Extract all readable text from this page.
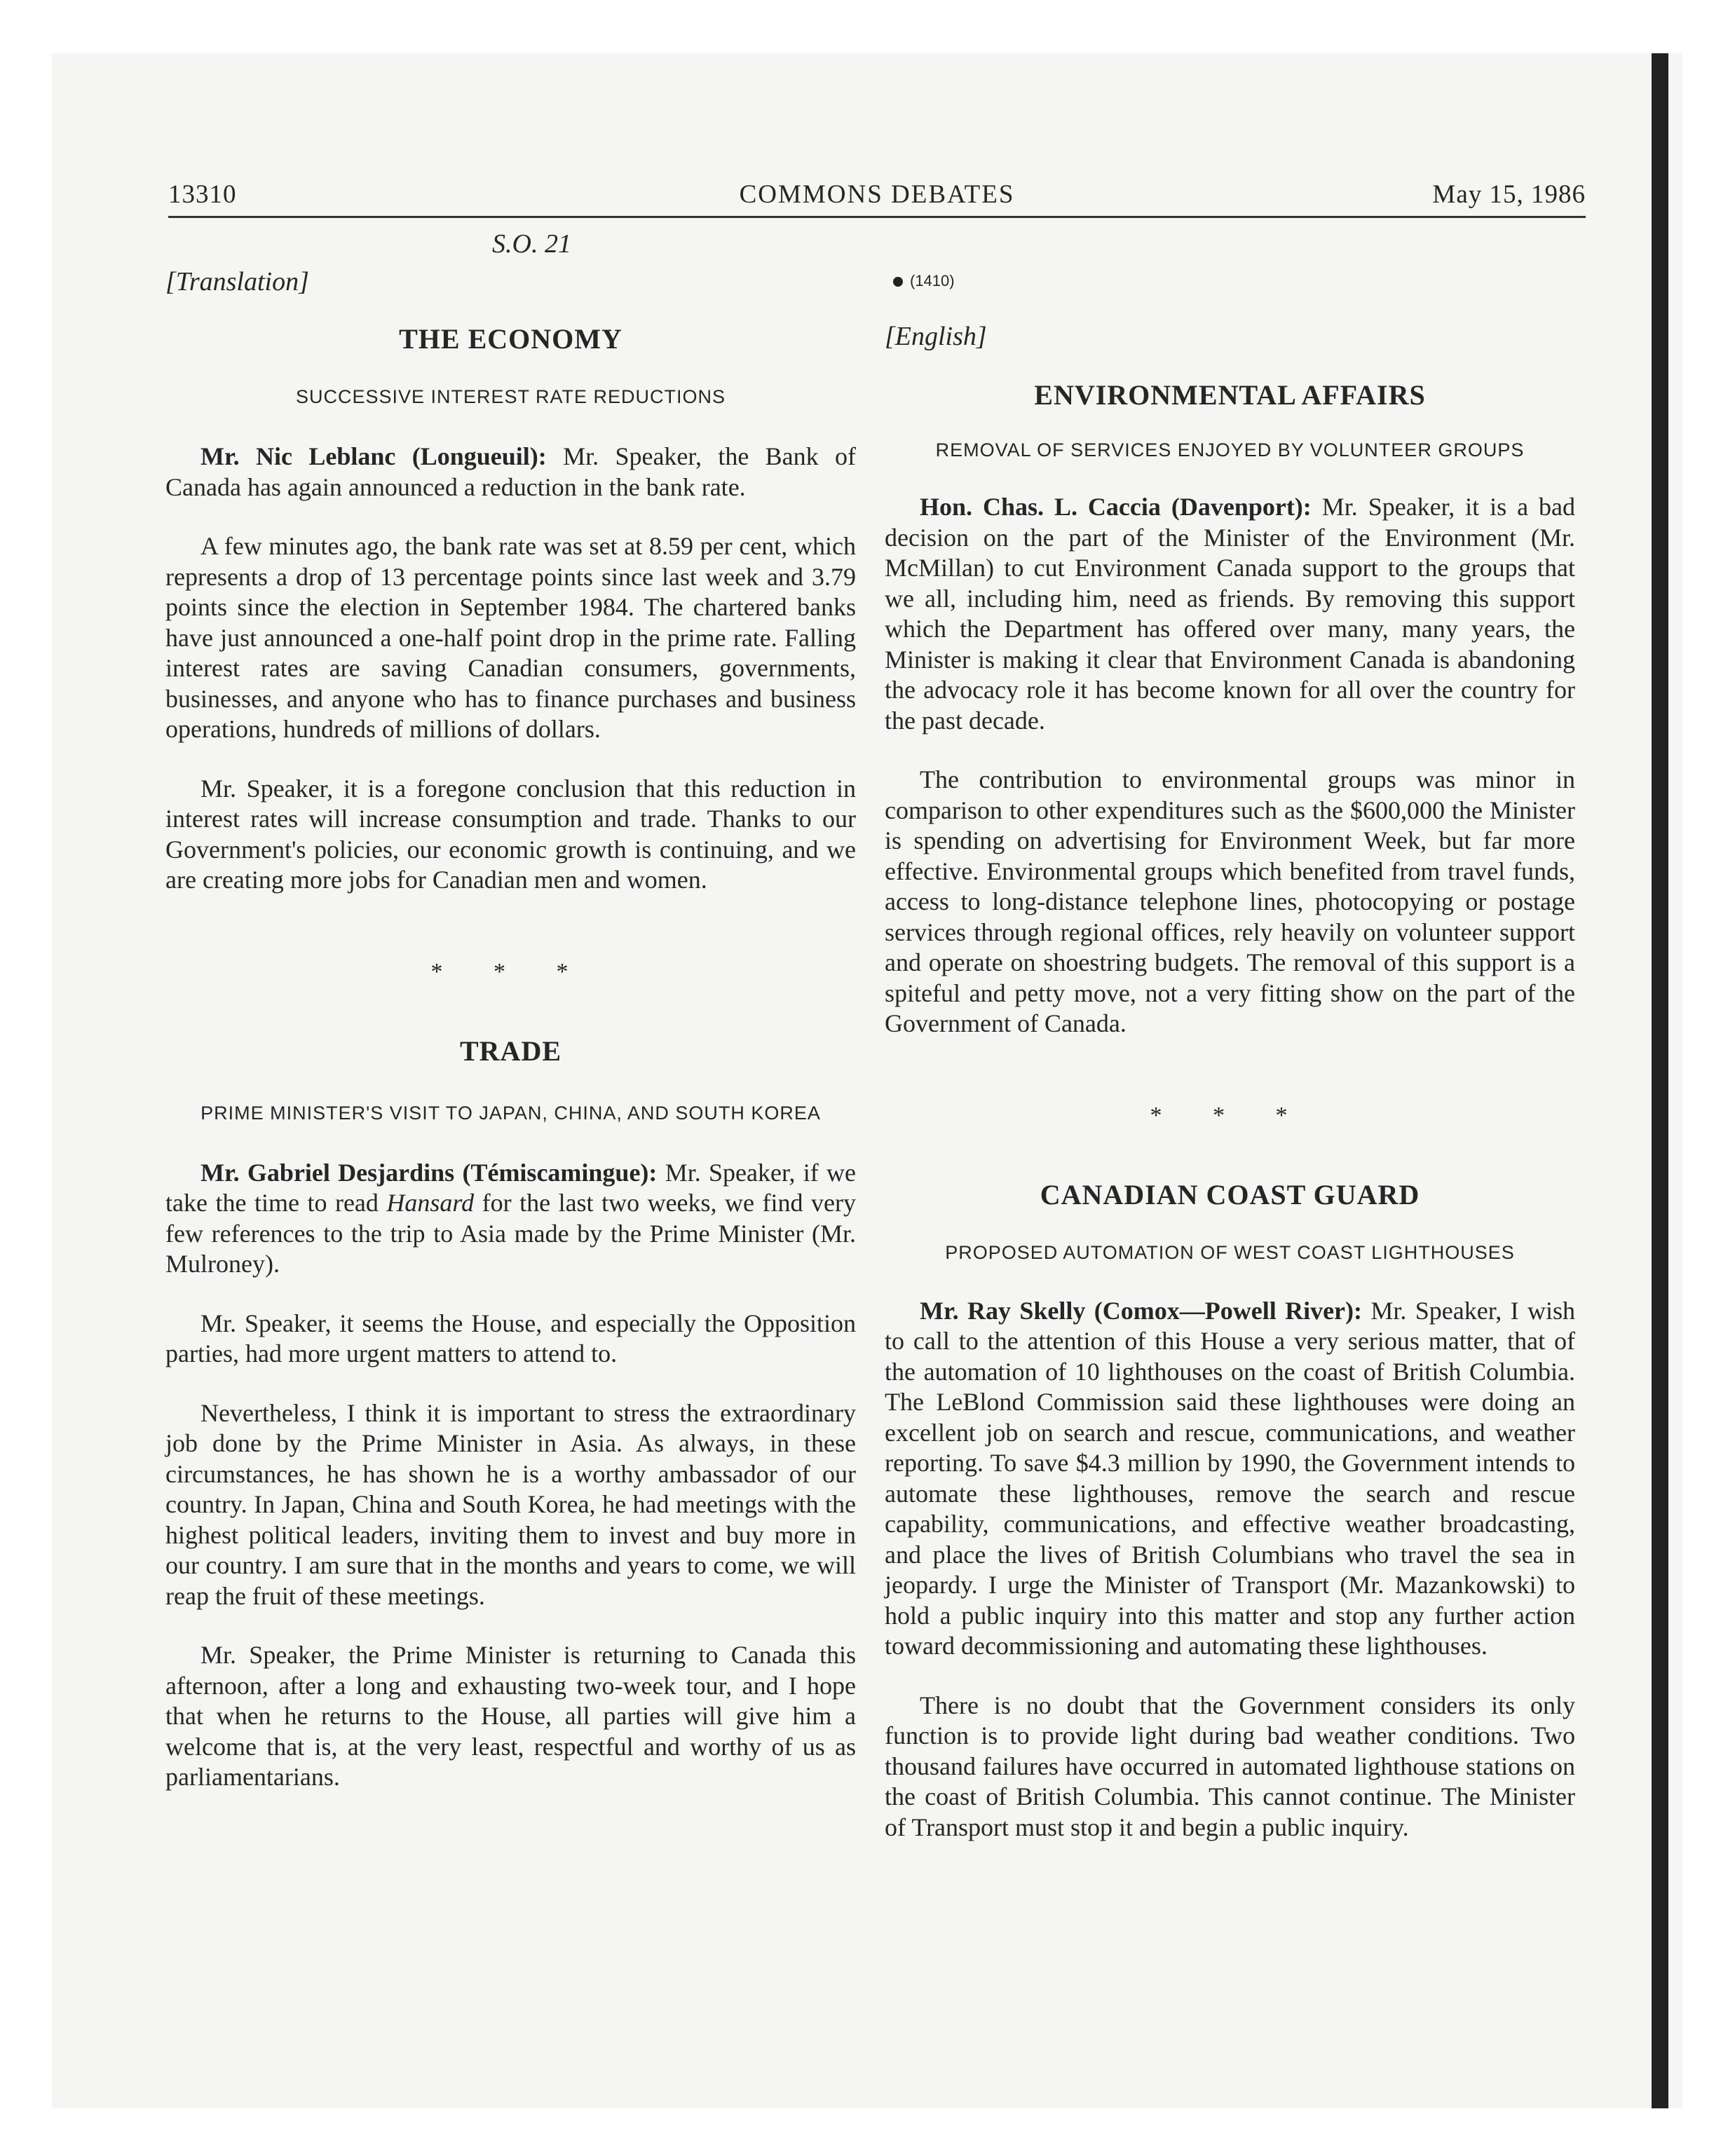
13310	COMMONS DEBATES	May 15, 1986

S.O. 21

[Translation]

THE ECONOMY

SUCCESSIVE INTEREST RATE REDUCTIONS

Mr. Nic Leblanc (Longueuil): Mr. Speaker, the Bank of Canada has again announced a reduction in the bank rate.

A few minutes ago, the bank rate was set at 8.59 per cent, which represents a drop of 13 percentage points since last week and 3.79 points since the election in September 1984. The chartered banks have just announced a one-half point drop in the prime rate. Falling interest rates are saving Canadian consumers, governments, businesses, and anyone who has to finance purchases and business operations, hundreds of millions of dollars.

Mr. Speaker, it is a foregone conclusion that this reduction in interest rates will increase consumption and trade. Thanks to our Government's policies, our economic growth is continuing, and we are creating more jobs for Canadian men and women.

* * *

TRADE

PRIME MINISTER'S VISIT TO JAPAN, CHINA, AND SOUTH KOREA

Mr. Gabriel Desjardins (Témiscamingue): Mr. Speaker, if we take the time to read Hansard for the last two weeks, we find very few references to the trip to Asia made by the Prime Minister (Mr. Mulroney).

Mr. Speaker, it seems the House, and especially the Opposition parties, had more urgent matters to attend to.

Nevertheless, I think it is important to stress the extraordinary job done by the Prime Minister in Asia. As always, in these circumstances, he has shown he is a worthy ambassador of our country. In Japan, China and South Korea, he had meetings with the highest political leaders, inviting them to invest and buy more in our country. I am sure that in the months and years to come, we will reap the fruit of these meetings.

Mr. Speaker, the Prime Minister is returning to Canada this afternoon, after a long and exhausting two-week tour, and I hope that when he returns to the House, all parties will give him a welcome that is, at the very least, respectful and worthy of us as parliamentarians.

(1410)

[English]

ENVIRONMENTAL AFFAIRS

REMOVAL OF SERVICES ENJOYED BY VOLUNTEER GROUPS

Hon. Chas. L. Caccia (Davenport): Mr. Speaker, it is a bad decision on the part of the Minister of the Environment (Mr. McMillan) to cut Environment Canada support to the groups that we all, including him, need as friends. By removing this support which the Department has offered over many, many years, the Minister is making it clear that Environment Canada is abandoning the advocacy role it has become known for all over the country for the past decade.

The contribution to environmental groups was minor in comparison to other expenditures such as the $600,000 the Minister is spending on advertising for Environment Week, but far more effective. Environmental groups which benefited from travel funds, access to long-distance telephone lines, photocopying or postage services through regional offices, rely heavily on volunteer support and operate on shoestring budgets. The removal of this support is a spiteful and petty move, not a very fitting show on the part of the Government of Canada.

* * *

CANADIAN COAST GUARD

PROPOSED AUTOMATION OF WEST COAST LIGHTHOUSES

Mr. Ray Skelly (Comox—Powell River): Mr. Speaker, I wish to call to the attention of this House a very serious matter, that of the automation of 10 lighthouses on the coast of British Columbia. The LeBlond Commission said these lighthouses were doing an excellent job on search and rescue, communications, and weather reporting. To save $4.3 million by 1990, the Government intends to automate these lighthouses, remove the search and rescue capability, communications, and effective weather broadcasting, and place the lives of British Columbians who travel the sea in jeopardy. I urge the Minister of Transport (Mr. Mazankowski) to hold a public inquiry into this matter and stop any further action toward decommissioning and automating these lighthouses.

There is no doubt that the Government considers its only function is to provide light during bad weather conditions. Two thousand failures have occurred in automated lighthouse stations on the coast of British Columbia. This cannot continue. The Minister of Transport must stop it and begin a public inquiry.
